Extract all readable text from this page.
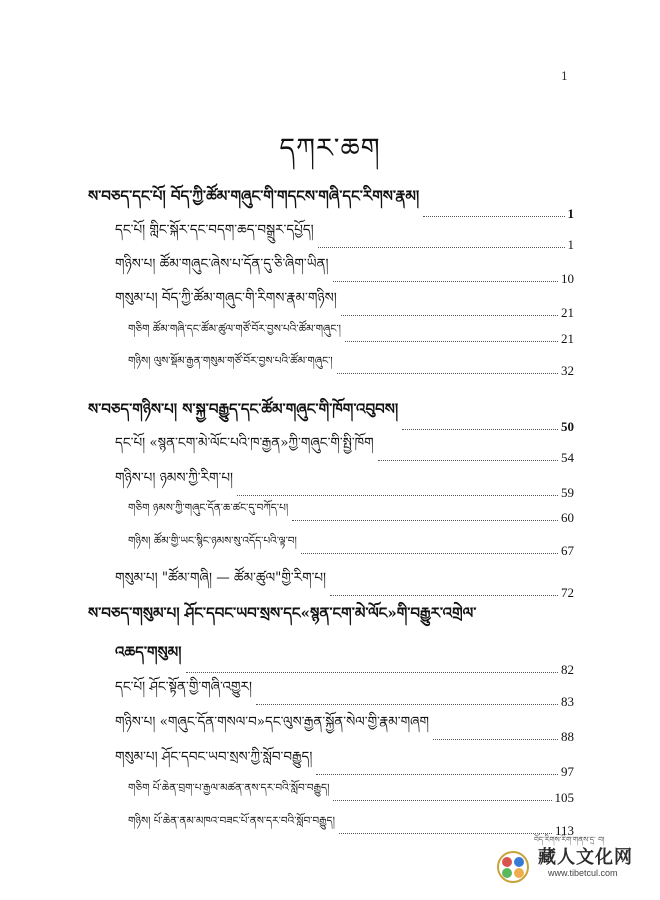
1
དཀར་ཆག
ས་བཅད་དང་པོ། བོད་ཀྱི་ཚོམ་གཞུང་གི་གདངས་གཞི་དང་རིགས་རྣམ།
1
དང་པོ། གླིང་སྐོར་དང་བདག་ཆད་བསྒྲུར་དཔྱོད།
1
གཉིས་པ། ཚོམ་གཞུང་ཞེས་པ་དོན་དུ་ཅི་ཞིག་ཡིན།
10
གསུམ་པ། བོད་ཀྱི་ཚོམ་གཞུང་གི་རིགས་རྣམ་གཉིས།
21
གཅིག ཚོམ་གཞི་དང་ཚོམ་ཚུལ་གཙོ་བོར་བྱས་པའི་ཚོམ་གཞུང་།
21
གཉིས། ལུས་སྡོམ་རྒྱན་གསུམ་གཙོ་བོར་བྱས་པའི་ཚོམ་གཞུང་།
32
ས་བཅད་གཉིས་པ། ས་སྐྱ་བརྒྱུད་དང་ཚོམ་གཞུང་གི་ཁོག་འབུབས།
50
དང་པོ། «སྙན་ངག་མེ་ལོང་པའི་ཁ་རྒྱན»ཀྱི་གཞུང་གི་སྤྱི་ཁོག
54
གཉིས་པ། ཉམས་ཀྱི་རིག་པ།
59
གཅིག ཉམས་ཀྱི་གཞུང་དོན་ཆ་ཚང་དུ་བཀོད་པ།
60
གཉིས། ཚོམ་གྱི་ཡང་སྙིང་ཉམས་སུ་འདོད་པའི་ལྟ་བ།
67
གསུམ་པ། "ཚོམ་གཞི། — ཚོམ་ཚུལ"གྱི་རིག་པ།
72
ས་བཅད་གསུམ་པ། ཤོང་དབང་ཡབ་སྲས་དང«སྙན་ངག་མེ་ལོང»གི་བརྒྱུར་འགྲེལ་
འཆད་གསུམ།
82
དང་པོ། ཤོང་སྟོན་གྱི་གཞི་འགྱུར།
83
གཉིས་པ། «གཞུང་དོན་གསལ་བ»དང་ལུས་རྒྱན་སྐྱོན་སེལ་གྱི་རྣམ་གཞག
88
གསུམ་པ། ཤོང་དབང་ཡབ་སྲས་ཀྱི་སློབ་བརྒྱུད།
97
གཅིག པོ་ཆེན་བྲག་པ་རྒྱལ་མཚན་ནས་དར་བའི་སློབ་བརྒྱུད།
105
གཉིས། པོ་ཆེན་ནམ་མཁའ་བཟང་པོ་ནས་དར་བའི་སློབ་བརྒྱུད།
113
བོད་རིགས་རིག་གནས་དྲ་ བ།
藏人文化网
www.tibetcul.com
